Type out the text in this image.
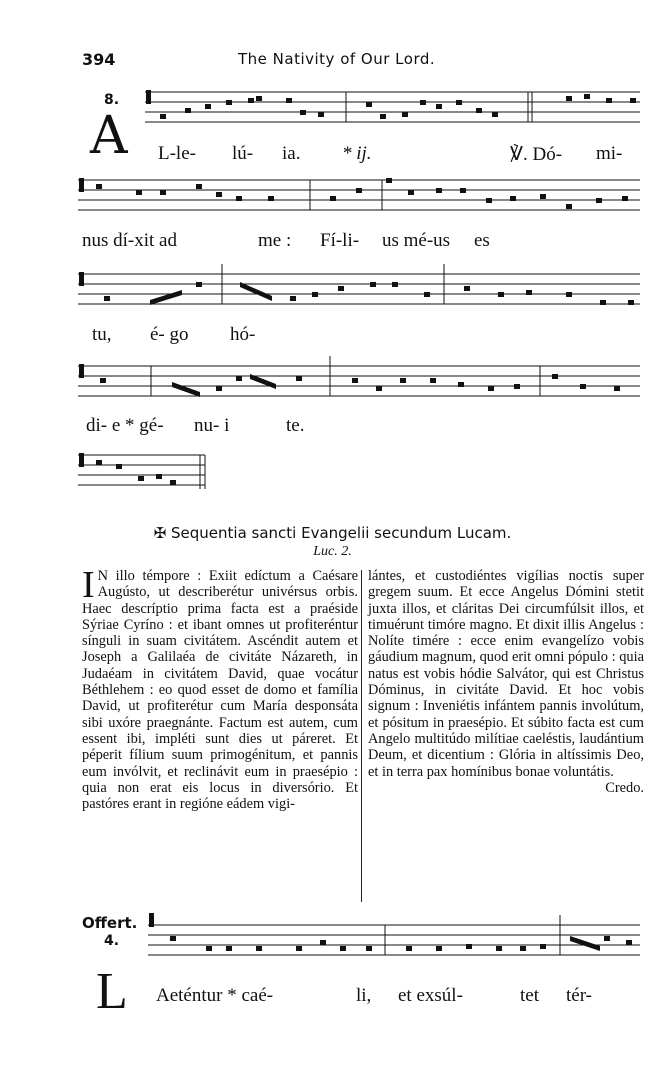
394	The Nativity of Our Lord.
8.
A L-le- lú- ia. * ij.	℣. Dó- mi-
nus dí-xit ad	me : Fí-li- us mé-us es
tu, é- go hó-
di- e * gé- nu- i	te.
✠ Sequentia sancti Evangelii secundum Lucam.
Luc. 2.
I N illo témpore : Exiit edíctum a Caésare Augústo, ut describerétur univérsus orbis. Haec descríptio prima facta est a praéside Sýriae Cyríno : et ibant omnes ut profiteréntur sínguli in suam civitátem. Ascéndit autem et Joseph a Galilaéa de civitáte Názareth, in Judaéam in civitátem David, quae vocátur Béthlehem : eo quod esset de domo et família David, ut profiterétur cum María desponsáta sibi uxóre praegnánte. Factum est autem, cum essent ibi, impléti sunt dies ut páreret. Et péperit fílium suum primogénitum, et pannis eum invólvit, et reclinávit eum in praesépio : quia non erat eis locus in diversório. Et pastóres erant in regióne eádem vigi-
lántes, et custodiéntes vigílias noctis super gregem suum. Et ecce Angelus Dómini stetit juxta illos, et cláritas Dei circumfúlsit illos, et timuérunt timóre magno. Et dixit illis Angelus : Nolíte timére : ecce enim evangelízo vobis gáudium magnum, quod erit omni pópulo : quia natus est vobis hódie Salvátor, qui est Christus Dóminus, in civitáte David. Et hoc vobis signum : Inveniétis infántem pannis involútum, et pósitum in praesépio. Et súbito facta est cum Angelo multitúdo milítiae caeléstis, laudántium Deum, et dicentium : Glória in altíssimis Deo, et in terra pax homínibus bonae voluntátis.
Credo.
Offert.
4.
L Aeténtur * caé-	li, et exsúl-	tet tér-
